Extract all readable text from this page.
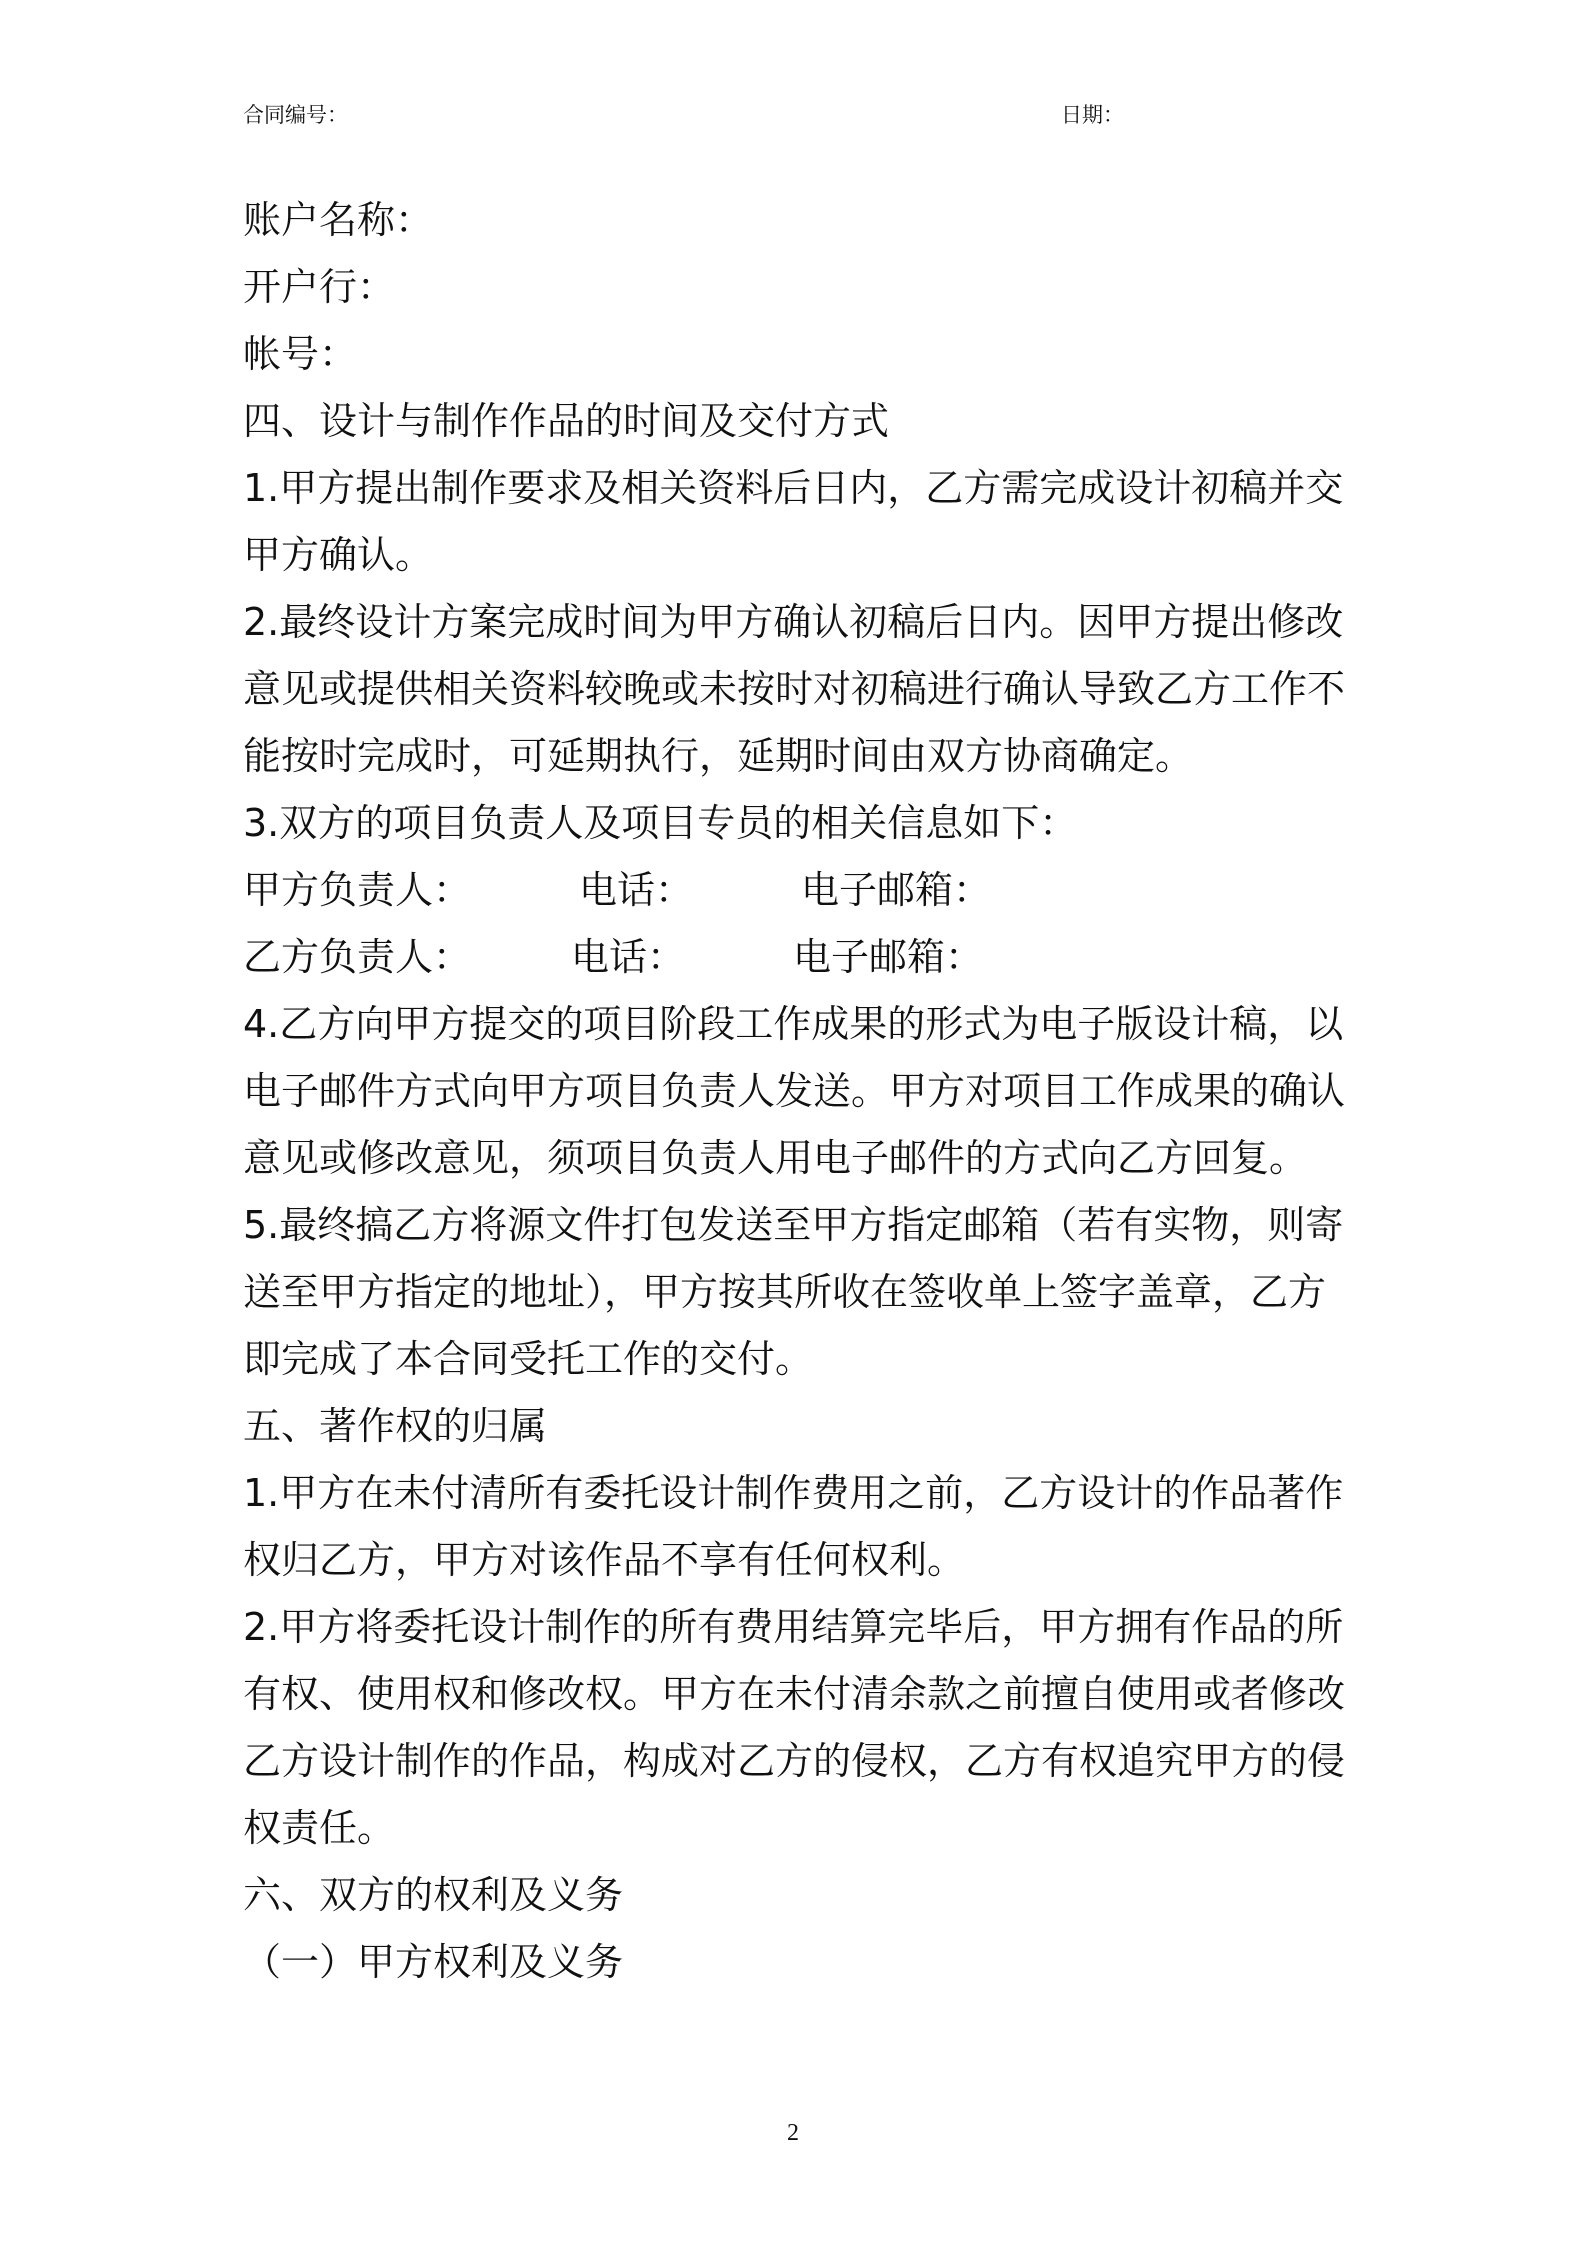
合同编号：	日期：
账户名称：
开户行：
帐号：
四、设计与制作作品的时间及交付方式
1.甲方提出制作要求及相关资料后日内，乙方需完成设计初稿并交
甲方确认。
2.最终设计方案完成时间为甲方确认初稿后日内。因甲方提出修改
意见或提供相关资料较晚或未按时对初稿进行确认导致乙方工作不
能按时完成时，可延期执行，延期时间由双方协商确定。
3.双方的项目负责人及项目专员的相关信息如下：
甲方负责人：	电话：	电子邮箱：
乙方负责人：	电话：	电子邮箱：
4.乙方向甲方提交的项目阶段工作成果的形式为电子版设计稿，以
电子邮件方式向甲方项目负责人发送。甲方对项目工作成果的确认
意见或修改意见，须项目负责人用电子邮件的方式向乙方回复。
5.最终搞乙方将源文件打包发送至甲方指定邮箱（若有实物，则寄
送至甲方指定的地址），甲方按其所收在签收单上签字盖章，乙方
即完成了本合同受托工作的交付。
五、著作权的归属
1.甲方在未付清所有委托设计制作费用之前，乙方设计的作品著作
权归乙方，甲方对该作品不享有任何权利。
2.甲方将委托设计制作的所有费用结算完毕后，甲方拥有作品的所
有权、使用权和修改权。甲方在未付清余款之前擅自使用或者修改
乙方设计制作的作品，构成对乙方的侵权，乙方有权追究甲方的侵
权责任。
六、双方的权利及义务
（一）甲方权利及义务
2
